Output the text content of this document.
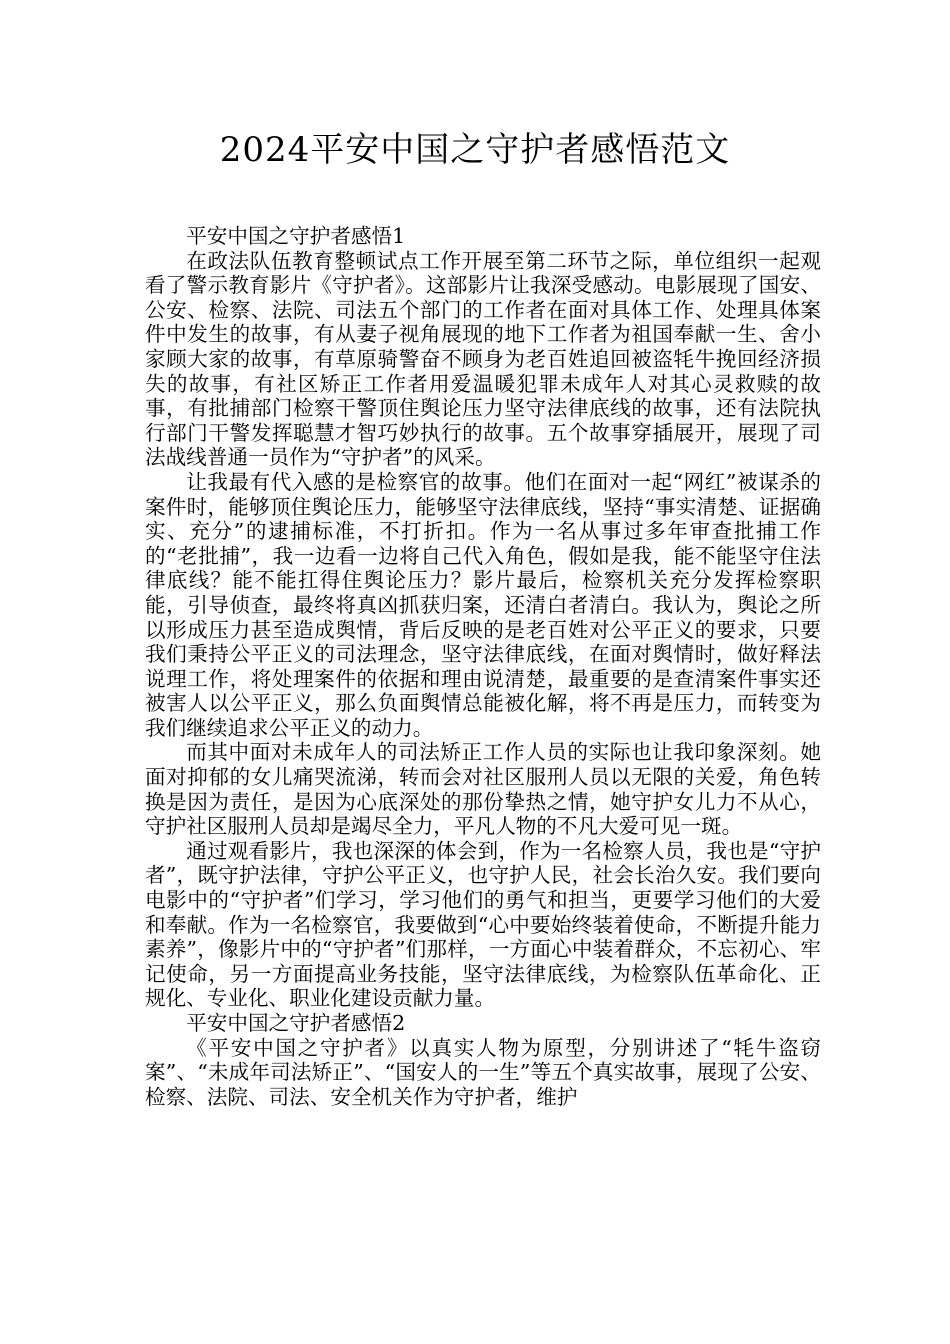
2024平安中国之守护者感悟范文

平安中国之守护者感悟1

在政法队伍教育整顿试点工作开展至第二环节之际，单位组织一起观看了警示教育影片《守护者》。这部影片让我深受感动。电影展现了国安、公安、检察、法院、司法五个部门的工作者在面对具体工作、处理具体案件中发生的故事，有从妻子视角展现的地下工作者为祖国奉献一生、舍小家顾大家的故事，有草原骑警奋不顾身为老百姓追回被盗牦牛挽回经济损失的故事，有社区矫正工作者用爱温暖犯罪未成年人对其心灵救赎的故事，有批捕部门检察干警顶住舆论压力坚守法律底线的故事，还有法院执行部门干警发挥聪慧才智巧妙执行的故事。五个故事穿插展开，展现了司法战线普通一员作为“守护者”的风采。

让我最有代入感的是检察官的故事。他们在面对一起“网红”被谋杀的案件时，能够顶住舆论压力，能够坚守法律底线，坚持“事实清楚、证据确实、充分”的逮捕标准，不打折扣。作为一名从事过多年审查批捕工作的“老批捕”，我一边看一边将自己代入角色，假如是我，能不能坚守住法律底线？能不能扛得住舆论压力？影片最后，检察机关充分发挥检察职能，引导侦查，最终将真凶抓获归案，还清白者清白。我认为，舆论之所以形成压力甚至造成舆情，背后反映的是老百姓对公平正义的要求，只要我们秉持公平正义的司法理念，坚守法律底线，在面对舆情时，做好释法说理工作，将处理案件的依据和理由说清楚，最重要的是查清案件事实还被害人以公平正义，那么负面舆情总能被化解，将不再是压力，而转变为我们继续追求公平正义的动力。

而其中面对未成年人的司法矫正工作人员的实际也让我印象深刻。她面对抑郁的女儿痛哭流涕，转而会对社区服刑人员以无限的关爱，角色转换是因为责任，是因为心底深处的那份挚热之情，她守护女儿力不从心，守护社区服刑人员却是竭尽全力，平凡人物的不凡大爱可见一斑。

通过观看影片，我也深深的体会到，作为一名检察人员，我也是“守护者”，既守护法律，守护公平正义，也守护人民，社会长治久安。我们要向电影中的“守护者”们学习，学习他们的勇气和担当，更要学习他们的大爱和奉献。作为一名检察官，我要做到“心中要始终装着使命，不断提升能力素养”，像影片中的“守护者”们那样，一方面心中装着群众，不忘初心、牢记使命，另一方面提高业务技能，坚守法律底线，为检察队伍革命化、正规化、专业化、职业化建设贡献力量。

平安中国之守护者感悟2

《平安中国之守护者》以真实人物为原型，分别讲述了“牦牛盗窃案”、“未成年司法矫正”、“国安人的一生”等五个真实故事，展现了公安、检察、法院、司法、安全机关作为守护者，维护
